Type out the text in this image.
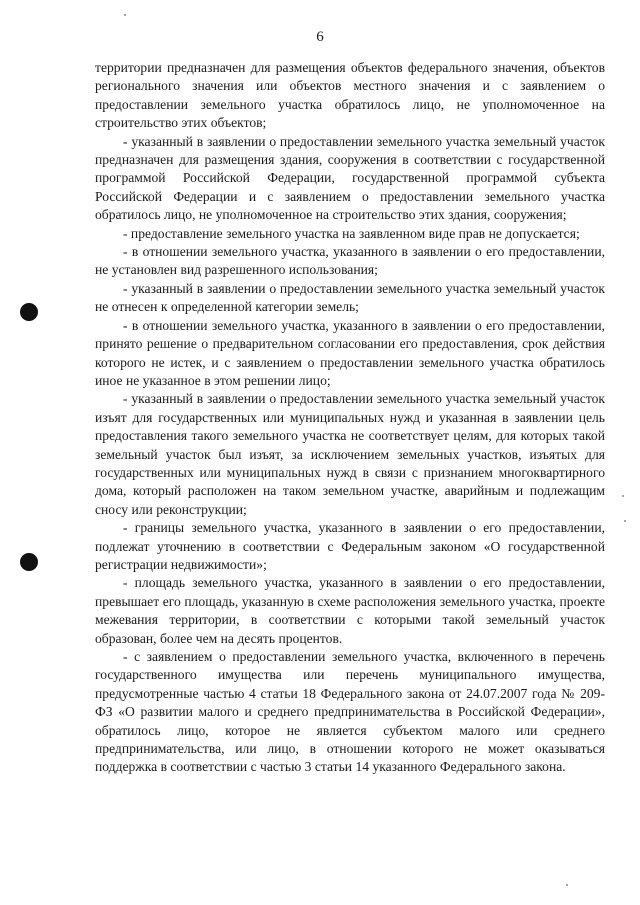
6

территории предназначен для размещения объектов федерального значения, объектов регионального значения или объектов местного значения и с заявлением о предоставлении земельного участка обратилось лицо, не уполномоченное на строительство этих объектов;

- указанный в заявлении о предоставлении земельного участка земельный участок предназначен для размещения здания, сооружения в соответствии с государственной программой Российской Федерации, государственной программой субъекта Российской Федерации и с заявлением о предоставлении земельного участка обратилось лицо, не уполномоченное на строительство этих здания, сооружения;

- предоставление земельного участка на заявленном виде прав не допускается;

- в отношении земельного участка, указанного в заявлении о его предоставлении, не установлен вид разрешенного использования;

- указанный в заявлении о предоставлении земельного участка земельный участок не отнесен к определенной категории земель;

- в отношении земельного участка, указанного в заявлении о его предоставлении, принято решение о предварительном согласовании его предоставления, срок действия которого не истек, и с заявлением о предоставлении земельного участка обратилось иное не указанное в этом решении лицо;

- указанный в заявлении о предоставлении земельного участка земельный участок изъят для государственных или муниципальных нужд и указанная в заявлении цель предоставления такого земельного участка не соответствует целям, для которых такой земельный участок был изъят, за исключением земельных участков, изъятых для государственных или муниципальных нужд в связи с признанием многоквартирного дома, который расположен на таком земельном участке, аварийным и подлежащим сносу или реконструкции;

- границы земельного участка, указанного в заявлении о его предоставлении, подлежат уточнению в соответствии с Федеральным законом «О государственной регистрации недвижимости»;

- площадь земельного участка, указанного в заявлении о его предоставлении, превышает его площадь, указанную в схеме расположения земельного участка, проекте межевания территории, в соответствии с которыми такой земельный участок образован, более чем на десять процентов.

- с заявлением о предоставлении земельного участка, включенного в перечень государственного имущества или перечень муниципального имущества, предусмотренные частью 4 статьи 18 Федерального закона от 24.07.2007 года № 209-ФЗ «О развитии малого и среднего предпринимательства в Российской Федерации», обратилось лицо, которое не является субъектом малого или среднего предпринимательства, или лицо, в отношении которого не может оказываться поддержка в соответствии с частью 3 статьи 14 указанного Федерального закона.
